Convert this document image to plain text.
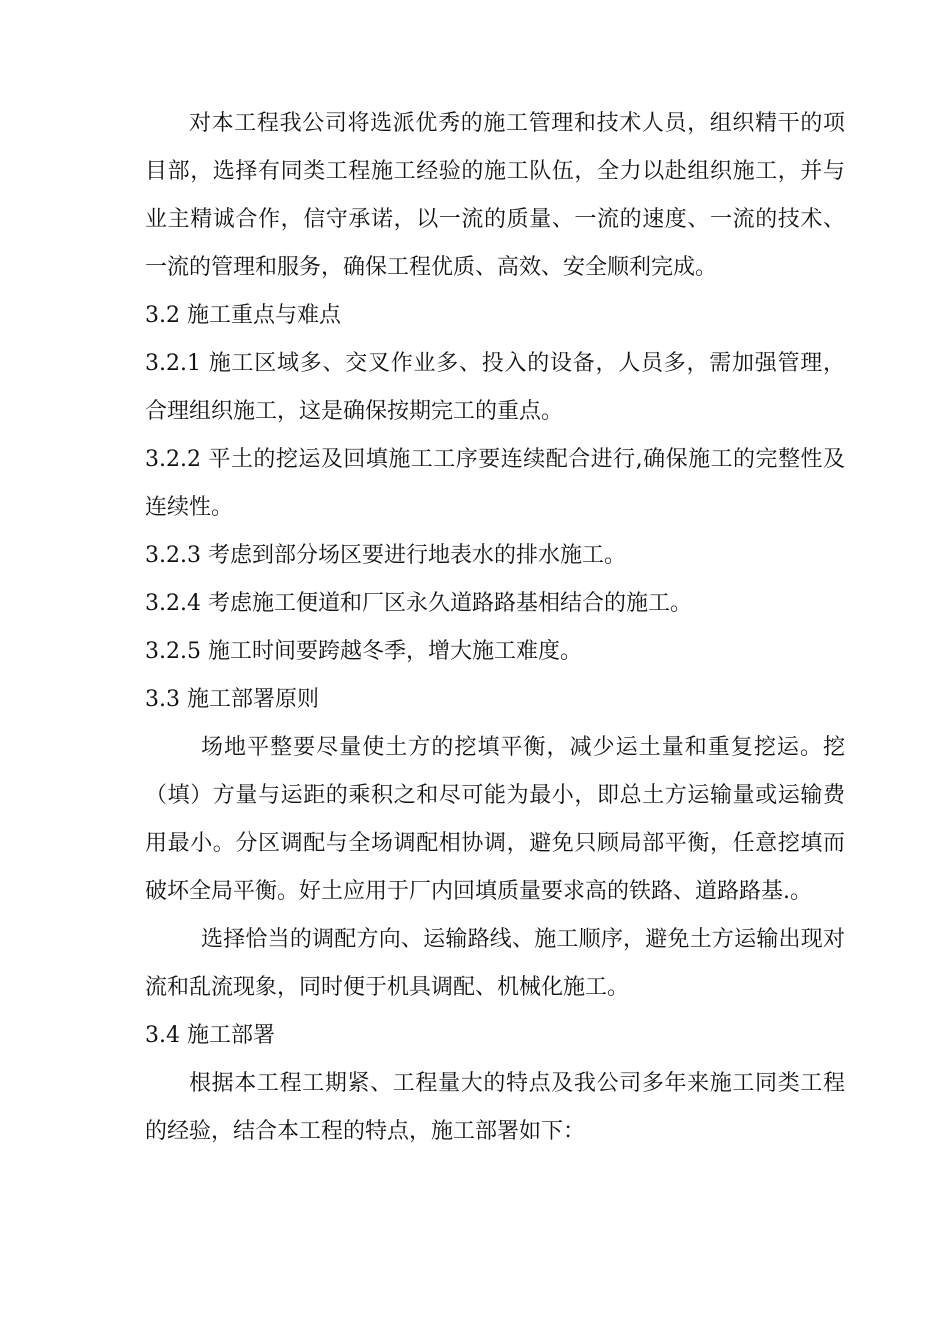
对本工程我公司将选派优秀的施工管理和技术人员，组织精干的项目部，选择有同类工程施工经验的施工队伍，全力以赴组织施工，并与业主精诚合作，信守承诺，以一流的质量、一流的速度、一流的技术、一流的管理和服务，确保工程优质、高效、安全顺利完成。

3.2 施工重点与难点

3.2.1 施工区域多、交叉作业多、投入的设备，人员多，需加强管理，合理组织施工，这是确保按期完工的重点。

3.2.2 平土的挖运及回填施工工序要连续配合进行,确保施工的完整性及连续性。

3.2.3 考虑到部分场区要进行地表水的排水施工。

3.2.4 考虑施工便道和厂区永久道路路基相结合的施工。

3.2.5 施工时间要跨越冬季，增大施工难度。

3.3 施工部署原则

场地平整要尽量使土方的挖填平衡，减少运土量和重复挖运。挖（填）方量与运距的乘积之和尽可能为最小，即总土方运输量或运输费用最小。分区调配与全场调配相协调，避免只顾局部平衡，任意挖填而破坏全局平衡。好土应用于厂内回填质量要求高的铁路、道路路基.。

选择恰当的调配方向、运输路线、施工顺序，避免土方运输出现对流和乱流现象，同时便于机具调配、机械化施工。

3.4 施工部署

根据本工程工期紧、工程量大的特点及我公司多年来施工同类工程的经验，结合本工程的特点，施工部署如下：
